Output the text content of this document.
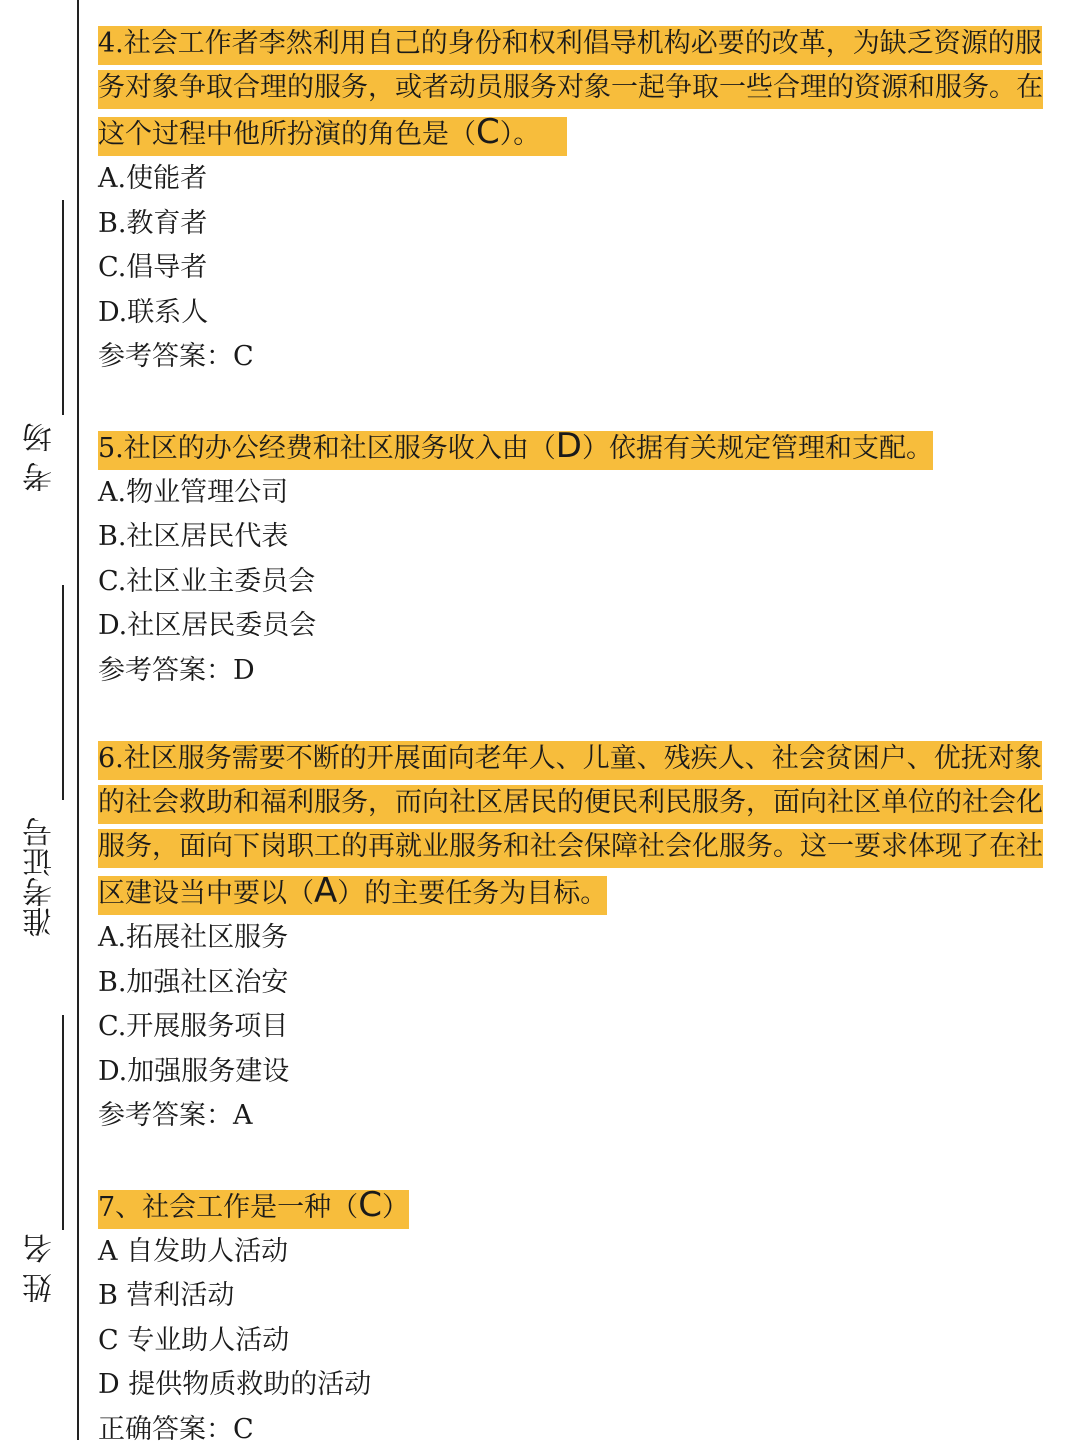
考 场
准考证号
姓 名

4.社会工作者李然利用自己的身份和权利倡导机构必要的改革，为缺乏资源的服务对象争取合理的服务，或者动员服务对象一起争取一些合理的资源和服务。在这个过程中他所扮演的角色是（C）。 

A.使能者

B.教育者

C.倡导者

D.联系人

参考答案：C

5.社区的办公经费和社区服务收入由（D）依据有关规定管理和支配。

A.物业管理公司

B.社区居民代表

C.社区业主委员会

D.社区居民委员会

参考答案：D

6.社区服务需要不断的开展面向老年人、儿童、残疾人、社会贫困户、优抚对象的社会救助和福利服务，而向社区居民的便民利民服务，面向社区单位的社会化服务，面向下岗职工的再就业服务和社会保障社会化服务。这一要求体现了在社区建设当中要以（A）的主要任务为目标。

A.拓展社区服务

B.加强社区治安

C.开展服务项目

D.加强服务建设

参考答案：A

7、社会工作是一种（C）

A 自发助人活动

B 营利活动

C 专业助人活动

D 提供物质救助的活动

正确答案：C
